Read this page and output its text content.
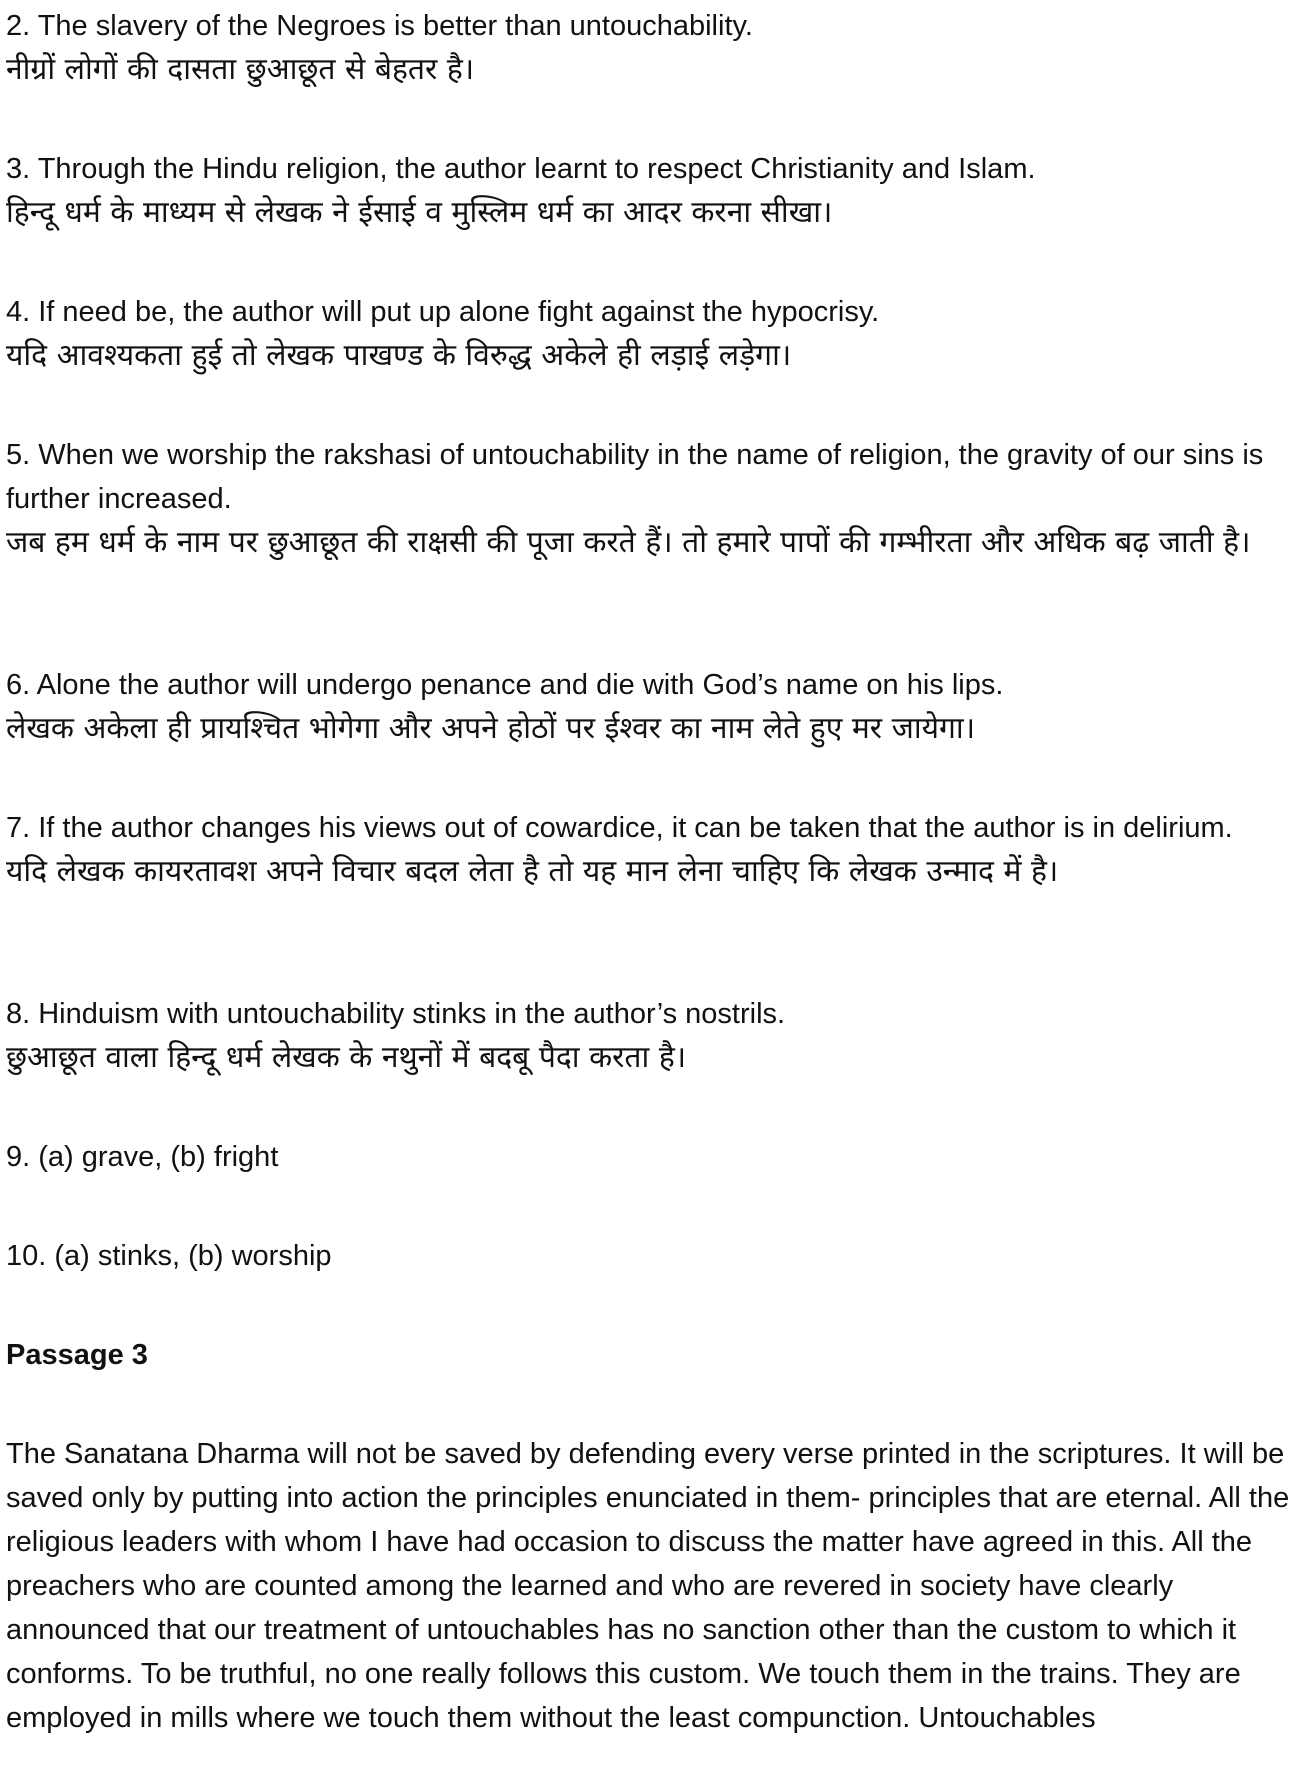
2. The slavery of the Negroes is better than untouchability.

नीग्रों लोगों की दासता छुआछूत से बेहतर है।

3. Through the Hindu religion, the author learnt to respect Christianity and Islam.

हिन्दू धर्म के माध्यम से लेखक ने ईसाई व मुस्लिम धर्म का आदर करना सीखा।

4. If need be, the author will put up alone fight against the hypocrisy.

यदि आवश्यकता हुई तो लेखक पाखण्ड के विरुद्ध अकेले ही लड़ाई लड़ेगा।

5. When we worship the rakshasi of untouchability in the name of religion, the gravity of our sins is further increased.

जब हम धर्म के नाम पर छुआछूत की राक्षसी की पूजा करते हैं। तो हमारे पापों की गम्भीरता और अधिक बढ़ जाती है।

6. Alone the author will undergo penance and die with God’s name on his lips.

लेखक अकेला ही प्रायश्चित भोगेगा और अपने होठों पर ईश्वर का नाम लेते हुए मर जायेगा।

7. If the author changes his views out of cowardice, it can be taken that the author is in delirium.

यदि लेखक कायरतावश अपने विचार बदल लेता है तो यह मान लेना चाहिए कि लेखक उन्माद में है।

8. Hinduism with untouchability stinks in the author’s nostrils.

छुआछूत वाला हिन्दू धर्म लेखक के नथुनों में बदबू पैदा करता है।

9. (a) grave, (b) fright

10. (a) stinks, (b) worship

Passage 3

The Sanatana Dharma will not be saved by defending every verse printed in the scriptures. It will be saved only by putting into action the principles enunciated in them- principles that are eternal. All the religious leaders with whom I have had occasion to discuss the matter have agreed in this. All the preachers who are counted among the learned and who are revered in society have clearly announced that our treatment of untouchables has no sanction other than the custom to which it conforms. To be truthful, no one really follows this custom. We touch them in the trains. They are employed in mills where we touch them without the least compunction. Untouchables
